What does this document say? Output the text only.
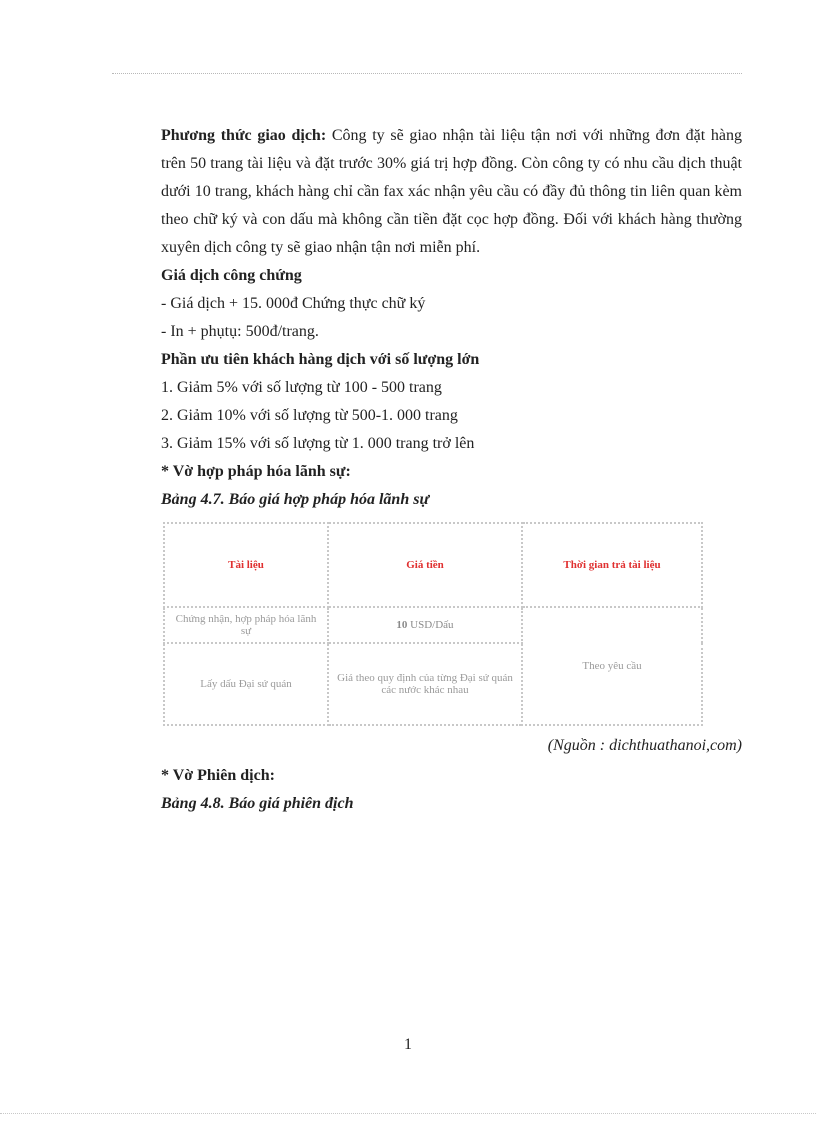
Phương thức giao dịch: Công ty sẽ giao nhận tài liệu tận nơi với những đơn đặt hàng trên 50 trang tài liệu và đặt trước 30% giá trị hợp đồng. Còn công ty có nhu cầu dịch thuật dưới 10 trang, khách hàng chỉ cần fax xác nhận yêu cầu có đầy đủ thông tin liên quan kèm theo chữ ký và con dấu mà không cần tiền đặt cọc hợp đồng. Đối với khách hàng thường xuyên dịch công ty sẽ giao nhận tận nơi miễn phí.

Giá dịch công chứng

- Giá dịch + 15. 000đ Chứng thực chữ ký

- In + phụtụ: 500đ/trang.

Phần ưu tiên khách hàng dịch với số lượng lớn

1. Giảm 5% với số lượng từ 100 - 500 trang

2. Giảm 10% với số lượng từ 500-1. 000 trang

3. Giảm 15% với số lượng từ 1. 000 trang trở lên

* Vờ hợp pháp hóa lãnh sự:

Bảng 4.7. Báo giá hợp pháp hóa lãnh sự

Tài liệu	Giá tiền	Thời gian trả tài liệu
Chứng nhận, hợp pháp hóa lãnh sự	10 USD/Dấu	Theo yêu cầu
Lấy dấu Đại sứ quán	Giá theo quy định của từng Đại sứ quán các nước khác nhau	

(Nguồn : dichthuathanoi,com)

* Vờ Phiên dịch:

Bảng 4.8. Báo giá phiên địch

1
